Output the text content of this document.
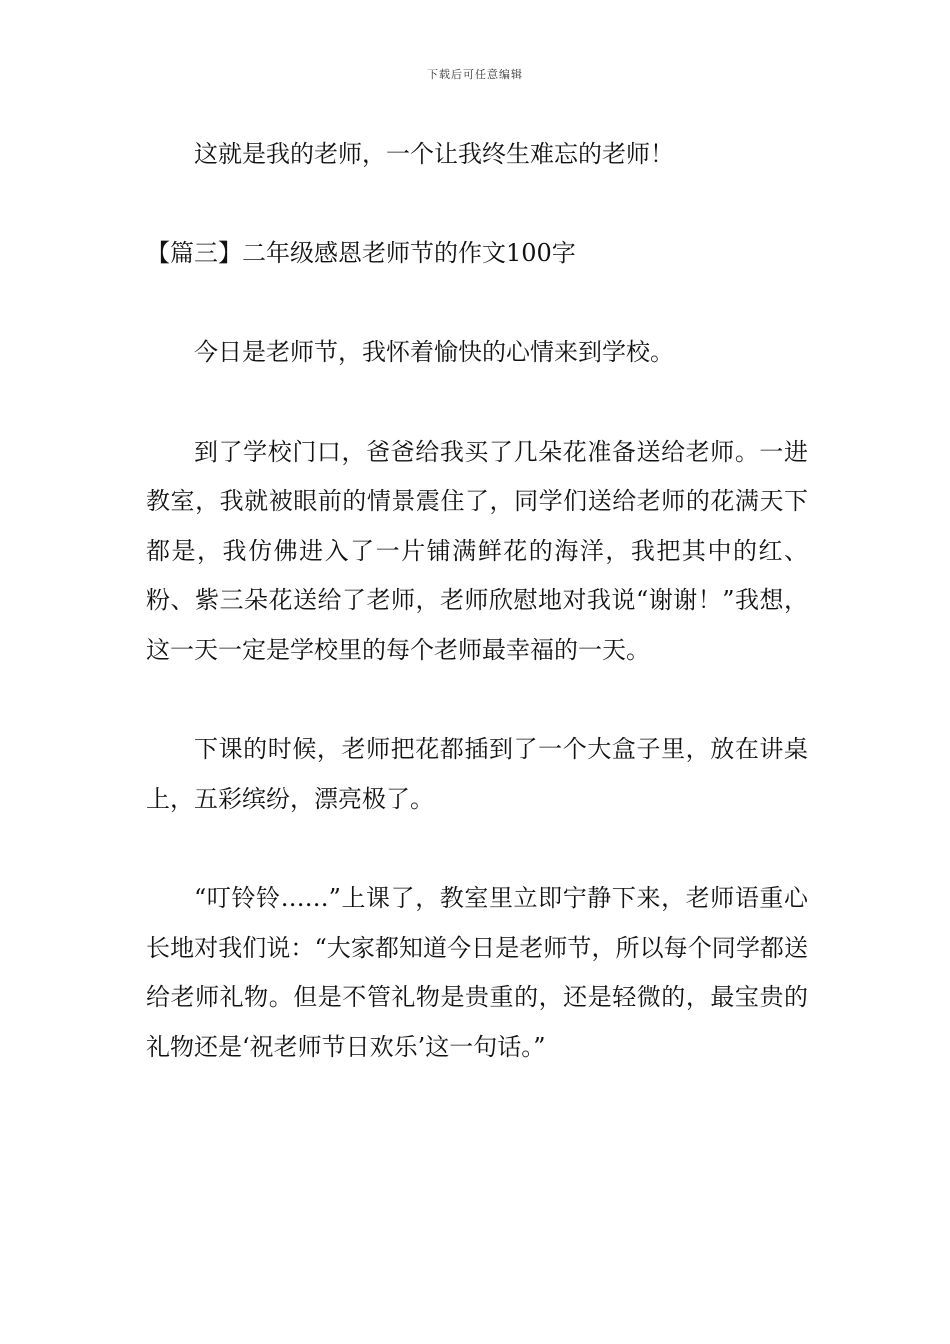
下载后可任意编辑

这就是我的老师，一个让我终生难忘的老师！

【篇三】二年级感恩老师节的作文100字

今日是老师节，我怀着愉快的心情来到学校。

到了学校门口，爸爸给我买了几朵花准备送给老师。一进教室，我就被眼前的情景震住了，同学们送给老师的花满天下都是，我仿佛进入了一片铺满鲜花的海洋，我把其中的红、粉、紫三朵花送给了老师，老师欣慰地对我说“谢谢！”我想，这一天一定是学校里的每个老师最幸福的一天。

下课的时候，老师把花都插到了一个大盒子里，放在讲桌上，五彩缤纷，漂亮极了。

“叮铃铃……”上课了，教室里立即宁静下来，老师语重心长地对我们说：“大家都知道今日是老师节，所以每个同学都送给老师礼物。但是不管礼物是贵重的，还是轻微的，最宝贵的礼物还是‘祝老师节日欢乐’这一句话。”
